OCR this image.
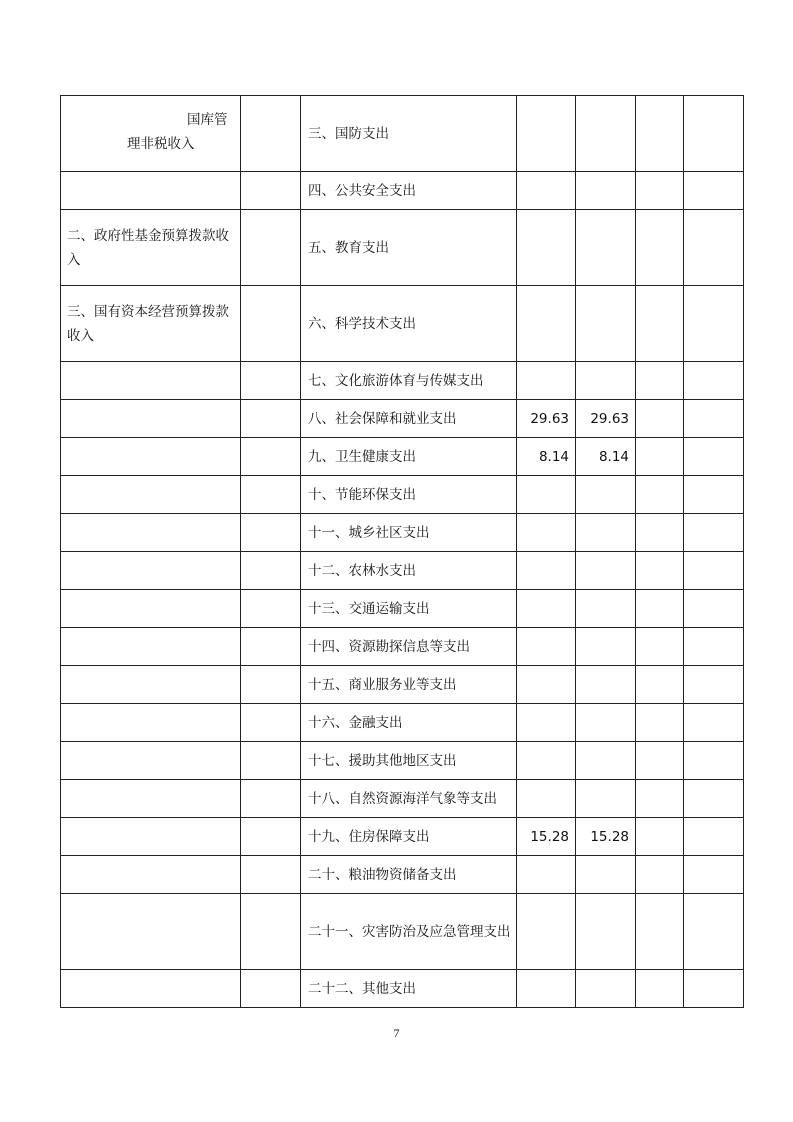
国库管理非税收入		三、国防支出				
		四、公共安全支出				
二、政府性基金预算拨款收入		五、教育支出				
三、国有资本经营预算拨款收入		六、科学技术支出				
		七、文化旅游体育与传媒支出				
		八、社会保障和就业支出	29.63	29.63		
		九、卫生健康支出	8.14	8.14		
		十、节能环保支出				
		十一、城乡社区支出				
		十二、农林水支出				
		十三、交通运输支出				
		十四、资源勘探信息等支出				
		十五、商业服务业等支出				
		十六、金融支出				
		十七、援助其他地区支出				
		十八、自然资源海洋气象等支出				
		十九、住房保障支出	15.28	15.28		
		二十、粮油物资储备支出				
		二十一、灾害防治及应急管理支出				
		二十二、其他支出				
7
